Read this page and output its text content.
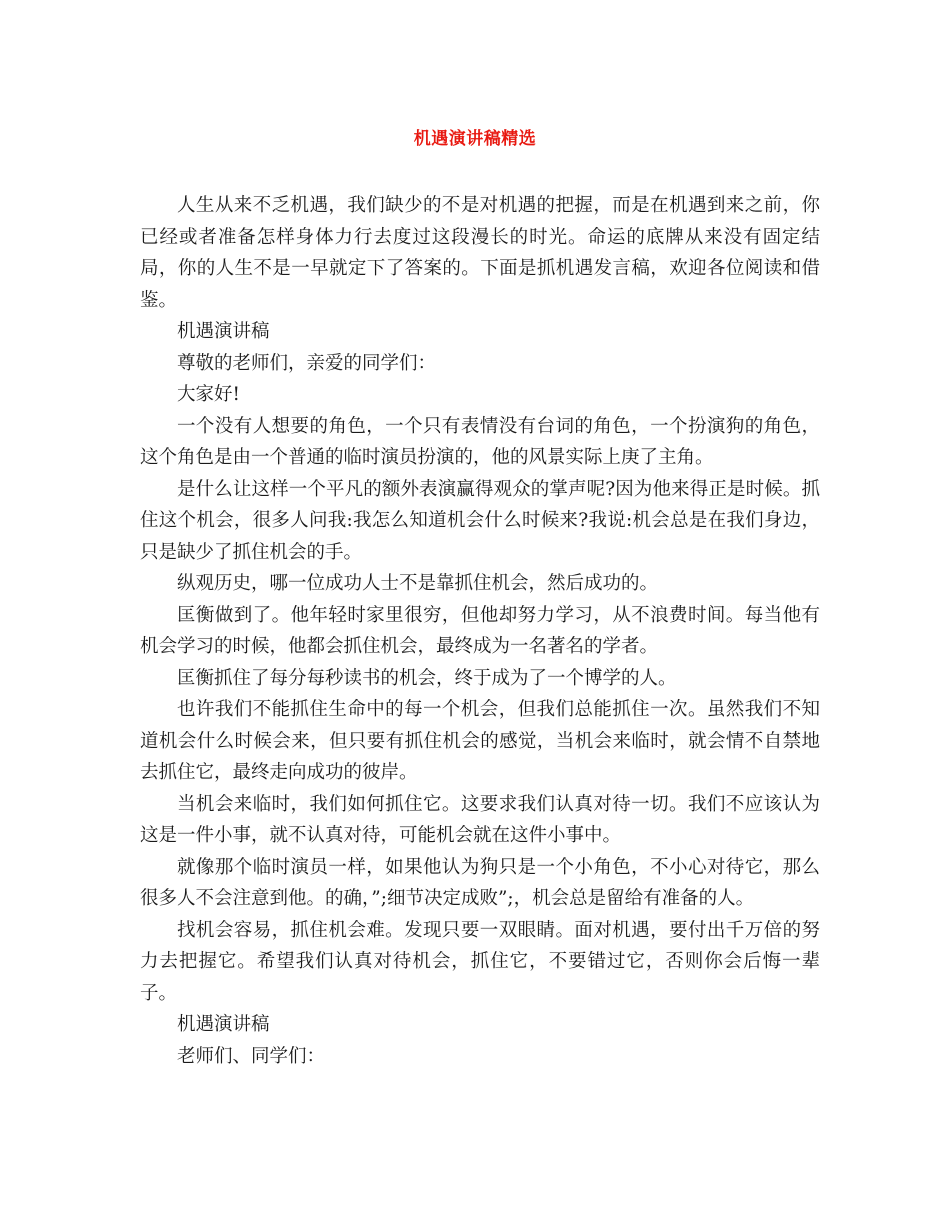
机遇演讲稿精选

人生从来不乏机遇，我们缺少的不是对机遇的把握，而是在机遇到来之前，你已经或者准备怎样身体力行去度过这段漫长的时光。命运的底牌从来没有固定结局，你的人生不是一早就定下了答案的。下面是抓机遇发言稿，欢迎各位阅读和借鉴。

机遇演讲稿

尊敬的老师们，亲爱的同学们：

大家好!

一个没有人想要的角色，一个只有表情没有台词的角色，一个扮演狗的角色，这个角色是由一个普通的临时演员扮演的，他的风景实际上庚了主角。

是什么让这样一个平凡的额外表演赢得观众的掌声呢?因为他来得正是时候。抓住这个机会，很多人问我:我怎么知道机会什么时候来?我说:机会总是在我们身边，只是缺少了抓住机会的手。

纵观历史，哪一位成功人士不是靠抓住机会，然后成功的。

匡衡做到了。他年轻时家里很穷，但他却努力学习，从不浪费时间。每当他有机会学习的时候，他都会抓住机会，最终成为一名著名的学者。

匡衡抓住了每分每秒读书的机会，终于成为了一个博学的人。

也许我们不能抓住生命中的每一个机会，但我们总能抓住一次。虽然我们不知道机会什么时候会来，但只要有抓住机会的感觉，当机会来临时，就会情不自禁地去抓住它，最终走向成功的彼岸。

当机会来临时，我们如何抓住它。这要求我们认真对待一切。我们不应该认为这是一件小事，就不认真对待，可能机会就在这件小事中。

就像那个临时演员一样，如果他认为狗只是一个小角色，不小心对待它，那么很多人不会注意到他。的确，”;细节决定成败”;，机会总是留给有准备的人。

找机会容易，抓住机会难。发现只要一双眼睛。面对机遇，要付出千万倍的努力去把握它。希望我们认真对待机会，抓住它，不要错过它，否则你会后悔一辈子。

机遇演讲稿

老师们、同学们：
